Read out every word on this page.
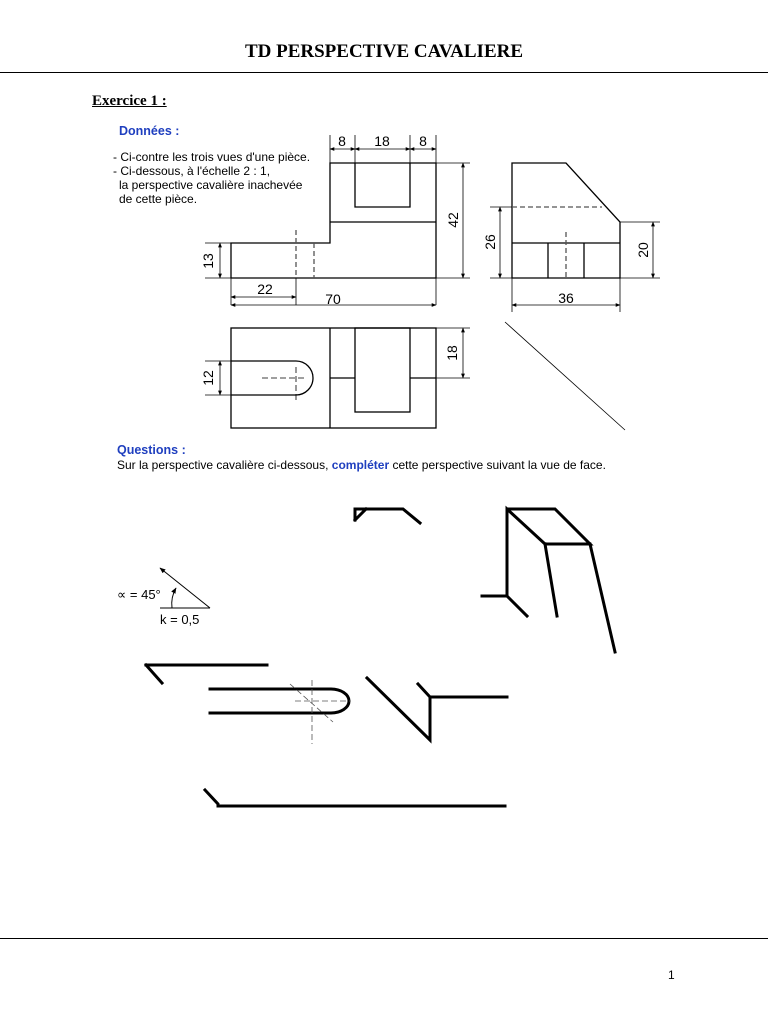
TD PERSPECTIVE CAVALIERE
Exercice 1 :
Données :
- Ci-contre les trois vues d'une pièce.
- Ci-dessous, à l'échelle 2 : 1,
la perspective cavalière inachevée
de cette pièce.
8 18 8
42
13
22
70
26
20
36
18
12
∝ = 45°
k = 0,5
Questions :
Sur la perspective cavalière ci-dessous, compléter cette perspective suivant la vue de face.
1
